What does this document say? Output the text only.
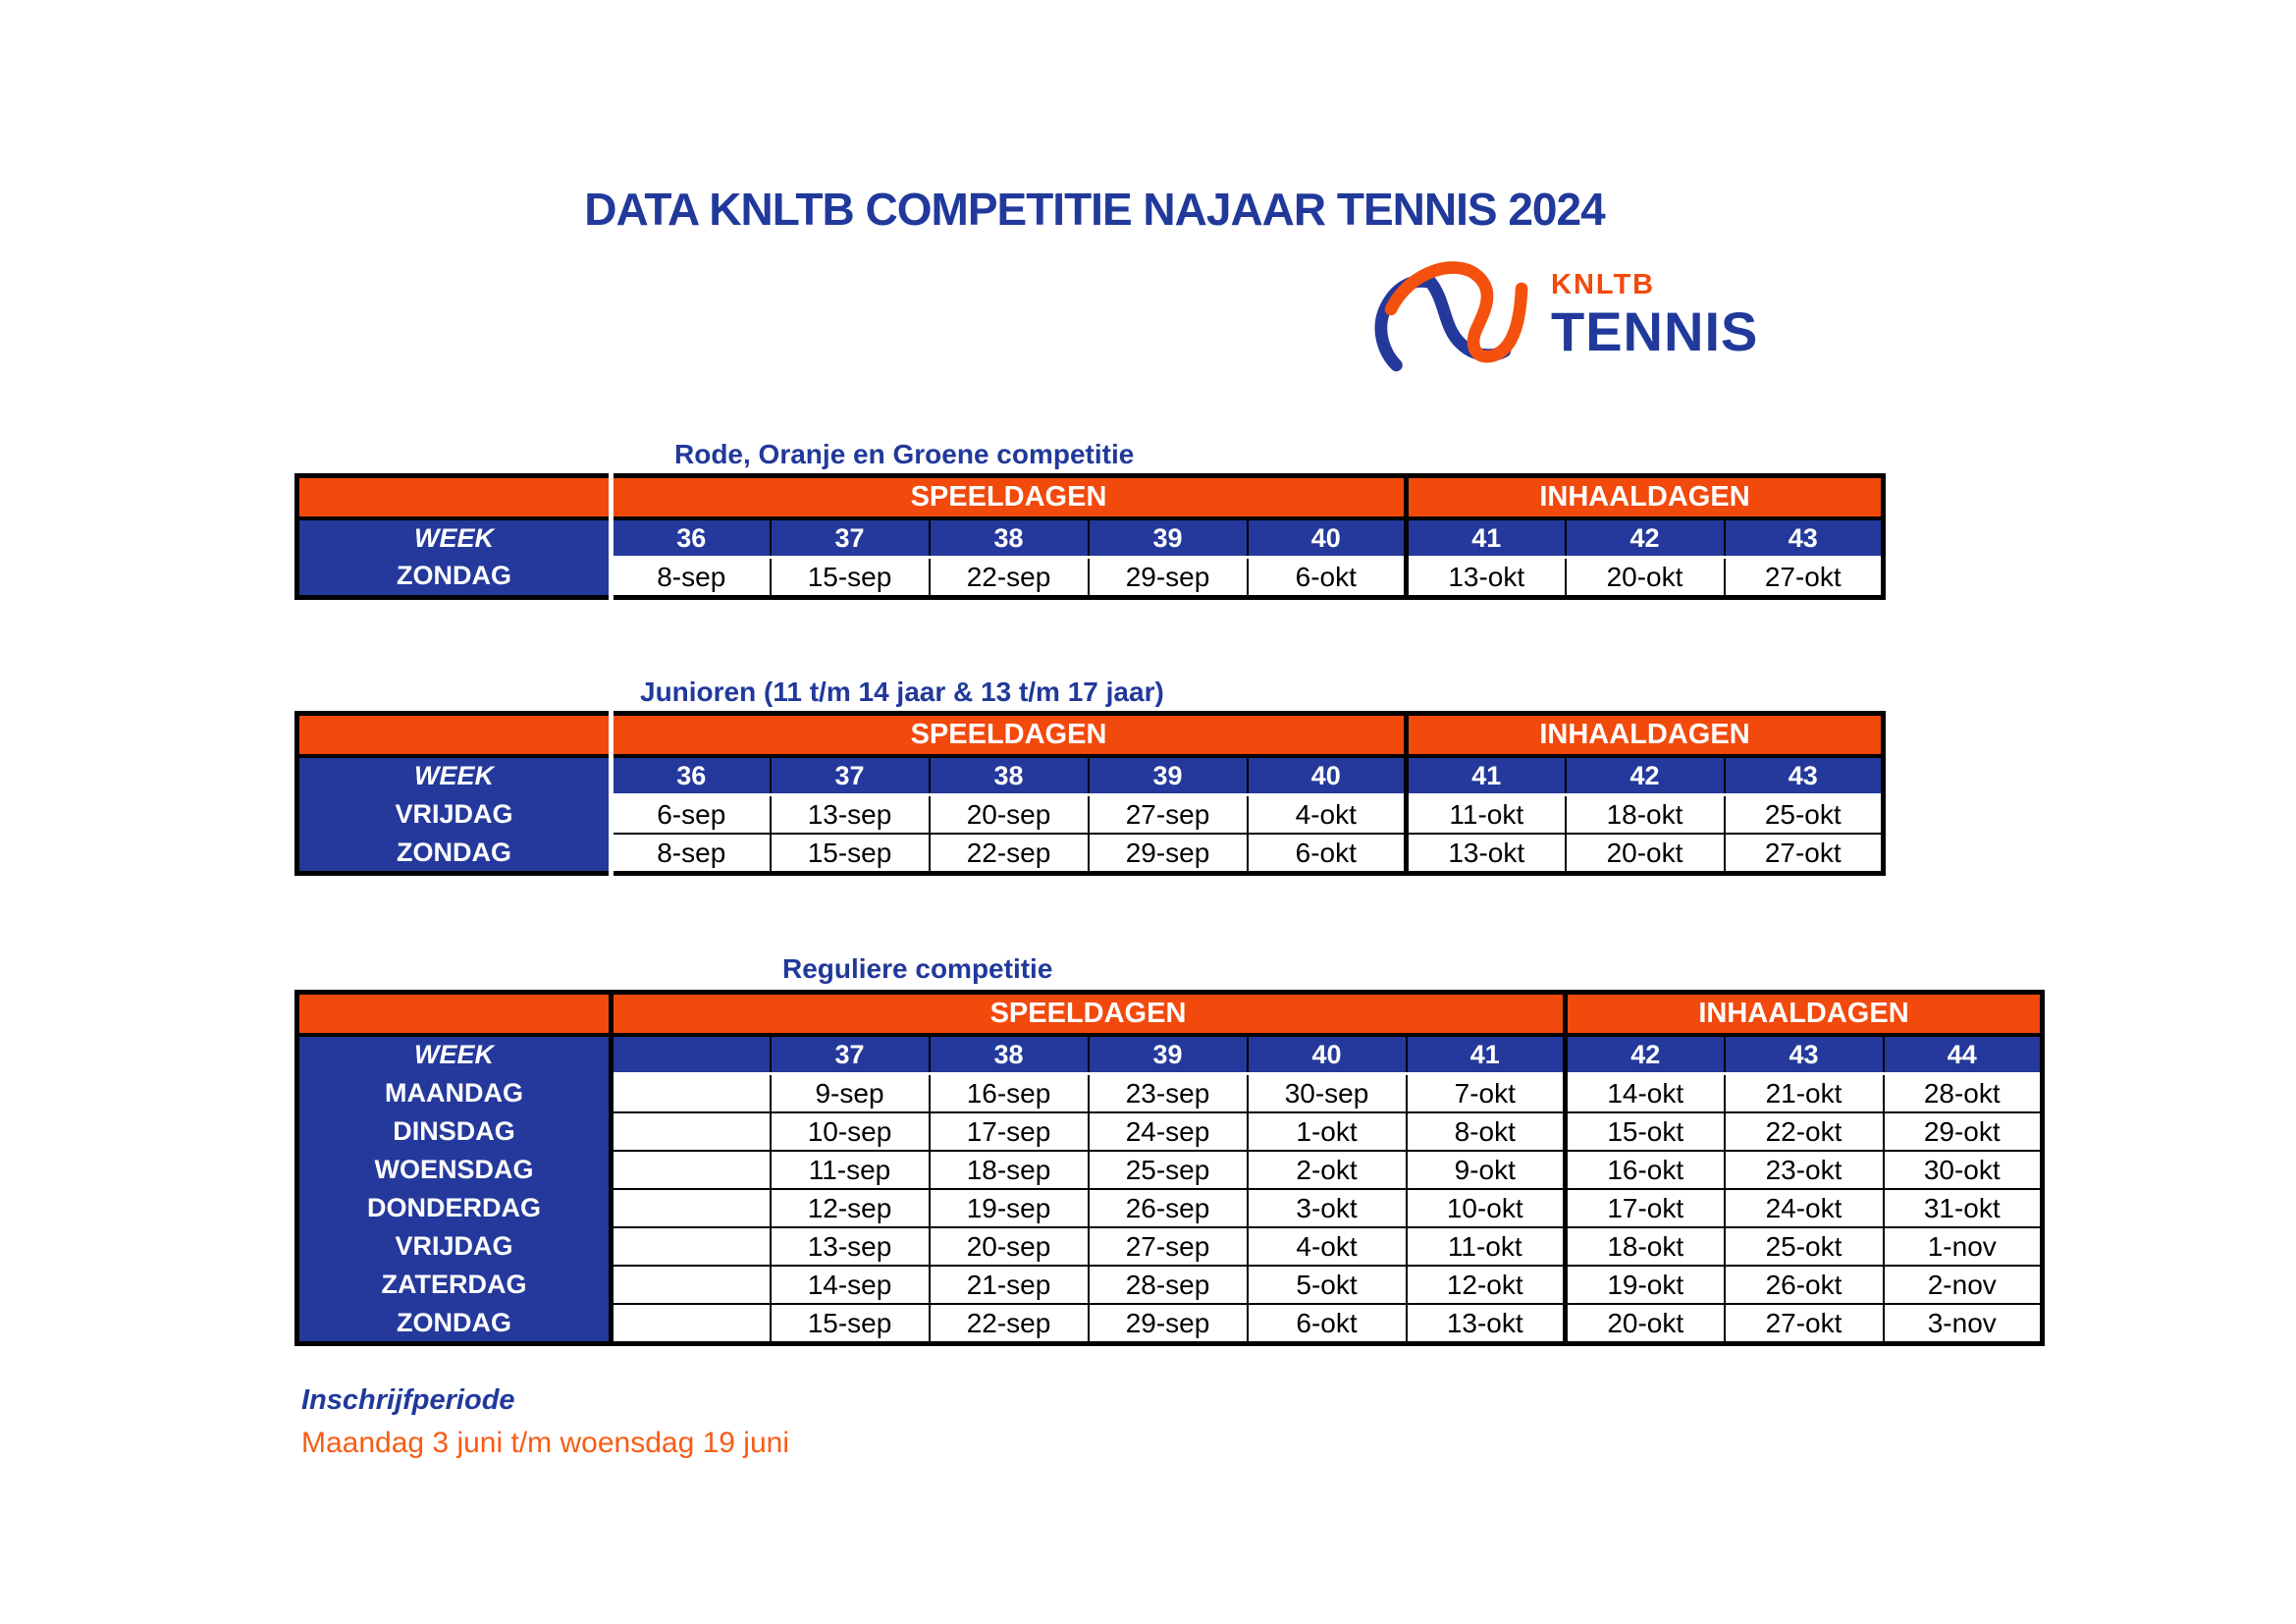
DATA KNLTB COMPETITIE NAJAAR TENNIS 2024
KNLTB
TENNIS
Rode, Oranje en Groene competitie
	SPEELDAGEN					INHAALDAGEN		
WEEK	36	37	38	39	40	41	42	43
ZONDAG	8-sep	15-sep	22-sep	29-sep	6-okt	13-okt	20-okt	27-okt
Junioren (11 t/m 14 jaar & 13 t/m 17 jaar)
	SPEELDAGEN					INHAALDAGEN		
WEEK	36	37	38	39	40	41	42	43
VRIJDAG	6-sep	13-sep	20-sep	27-sep	4-okt	11-okt	18-okt	25-okt
ZONDAG	8-sep	15-sep	22-sep	29-sep	6-okt	13-okt	20-okt	27-okt
Reguliere competitie
	SPEELDAGEN						INHAALDAGEN		
WEEK		37	38	39	40	41	42	43	44
MAANDAG		9-sep	16-sep	23-sep	30-sep	7-okt	14-okt	21-okt	28-okt
DINSDAG		10-sep	17-sep	24-sep	1-okt	8-okt	15-okt	22-okt	29-okt
WOENSDAG		11-sep	18-sep	25-sep	2-okt	9-okt	16-okt	23-okt	30-okt
DONDERDAG		12-sep	19-sep	26-sep	3-okt	10-okt	17-okt	24-okt	31-okt
VRIJDAG		13-sep	20-sep	27-sep	4-okt	11-okt	18-okt	25-okt	1-nov
ZATERDAG		14-sep	21-sep	28-sep	5-okt	12-okt	19-okt	26-okt	2-nov
ZONDAG		15-sep	22-sep	29-sep	6-okt	13-okt	20-okt	27-okt	3-nov
Inschrijfperiode
Maandag 3 juni t/m woensdag 19 juni
